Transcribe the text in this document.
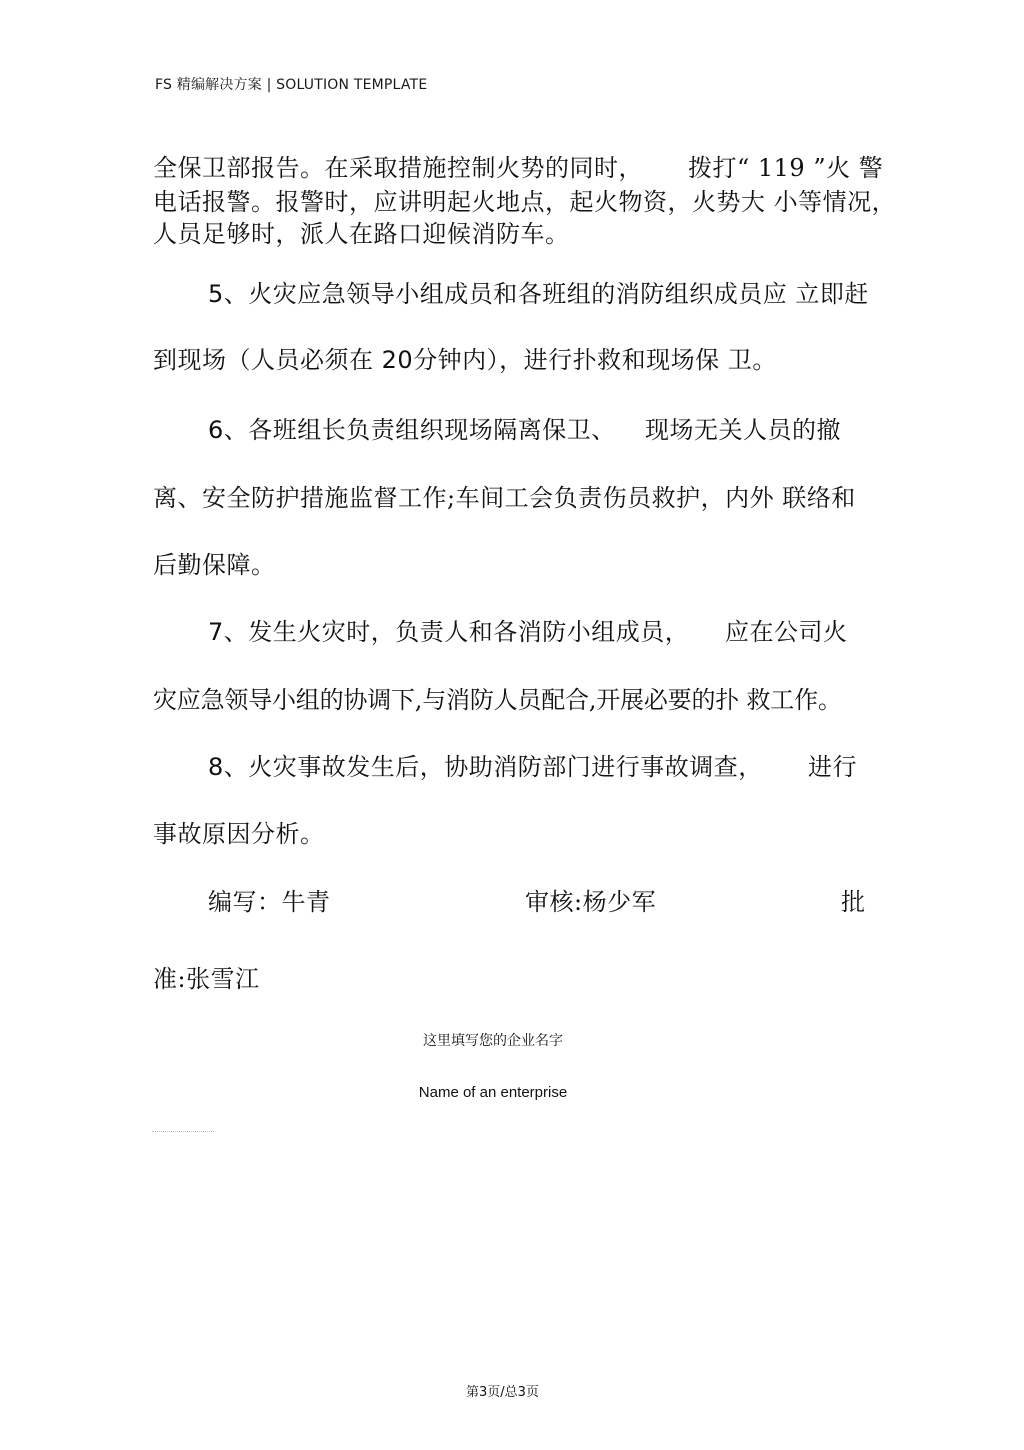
FS 精编解决方案 | SOLUTION TEMPLATE
全保卫部报告。在采取措施控制火势的同时， 拨打“ 119 ”火 警
电话报警。报警时，应讲明起火地点，起火物资，火势大 小等情况，
人员足够时，派人在路口迎候消防车。
5、火灾应急领导小组成员和各班组的消防组织成员应 立即赶
到现场（人员必须在 20分钟内），进行扑救和现场保 卫。
6、各班组长负责组织现场隔离保卫、 现场无关人员的撤
离、安全防护措施监督工作;车间工会负责伤员救护，内外 联络和
后勤保障。
7、发生火灾时，负责人和各消防小组成员， 应在公司火
灾应急领导小组的协调下,与消防人员配合,开展必要的扑 救工作。
8、火灾事故发生后，协助消防部门进行事故调查， 进行
事故原因分析。
编写：牛青	审核:杨少军	批
准:张雪江
这里填写您的企业名字
Name of an enterprise
第3页/总3页
